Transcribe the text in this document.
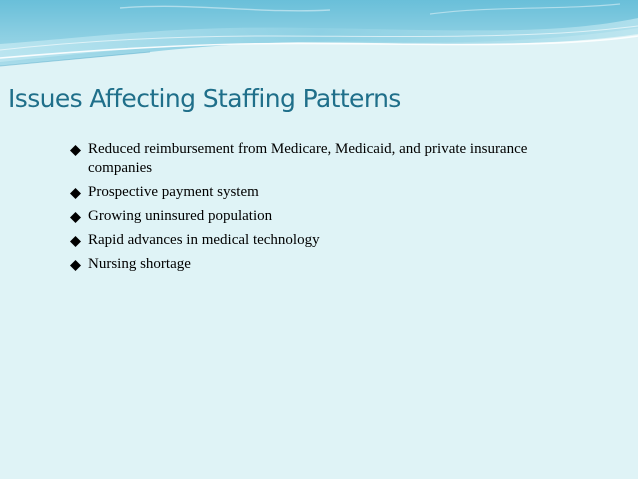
Issues Affecting Staffing Patterns
Reduced reimbursement from Medicare, Medicaid, and private insurance companies
Prospective payment system
Growing uninsured population
Rapid advances in medical technology
Nursing shortage
